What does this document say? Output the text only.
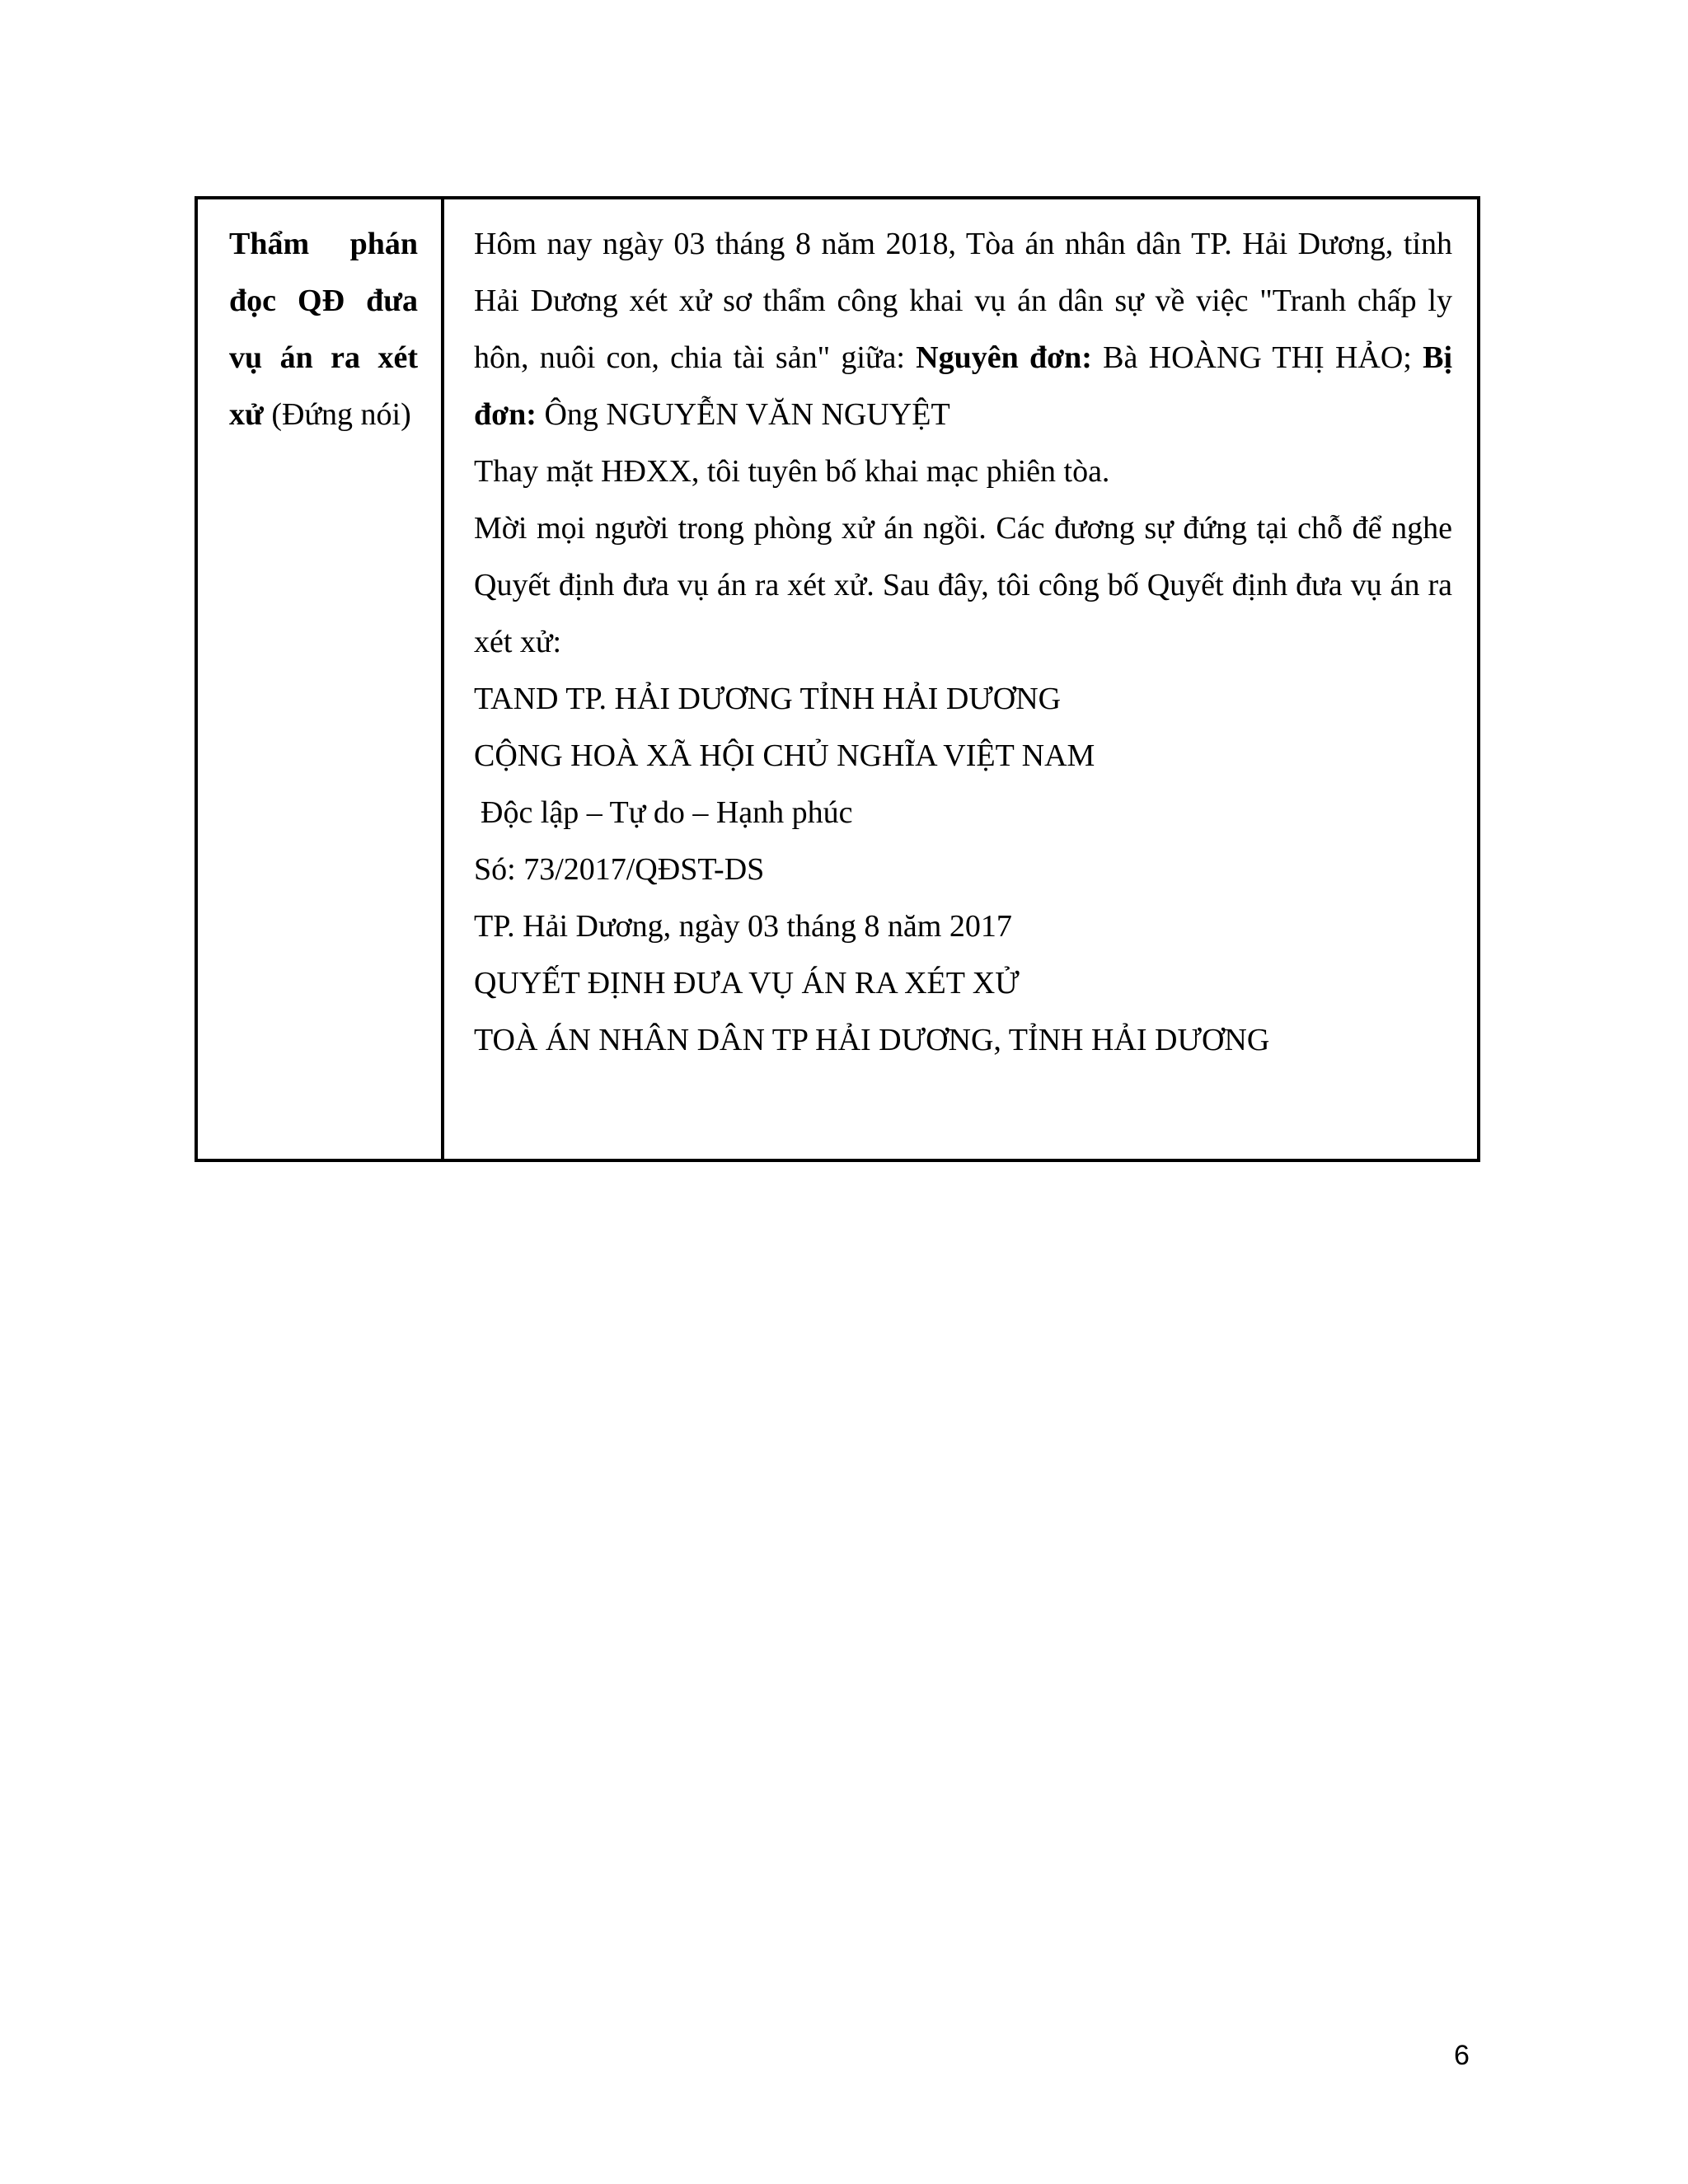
Thẩm phán đọc QĐ đưa vụ án ra xét xử (Đứng nói)

Hôm nay ngày 03 tháng 8 năm 2018, Tòa án nhân dân TP. Hải Dương, tỉnh Hải Dương xét xử sơ thẩm công khai vụ án dân sự về việc "Tranh chấp ly hôn, nuôi con, chia tài sản" giữa: Nguyên đơn: Bà HOÀNG THỊ HẢO; Bị đơn: Ông NGUYỄN VĂN NGUYỆT

Thay mặt HĐXX, tôi tuyên bố khai mạc phiên tòa.

Mời mọi người trong phòng xử án ngồi. Các đương sự đứng tại chỗ để nghe Quyết định đưa vụ án ra xét xử. Sau đây, tôi công bố Quyết định đưa vụ án ra xét xử:

TAND TP. HẢI DƯƠNG TỈNH HẢI DƯƠNG

CỘNG HOÀ XÃ HỘI CHỦ NGHĨA VIỆT NAM

Độc lập – Tự do – Hạnh phúc

Só: 73/2017/QĐST-DS

TP. Hải Dương, ngày 03 tháng 8 năm 2017

QUYẾT ĐỊNH ĐƯA VỤ ÁN RA XÉT XỬ

TOÀ ÁN NHÂN DÂN TP HẢI DƯƠNG, TỈNH HẢI DƯƠNG

6
